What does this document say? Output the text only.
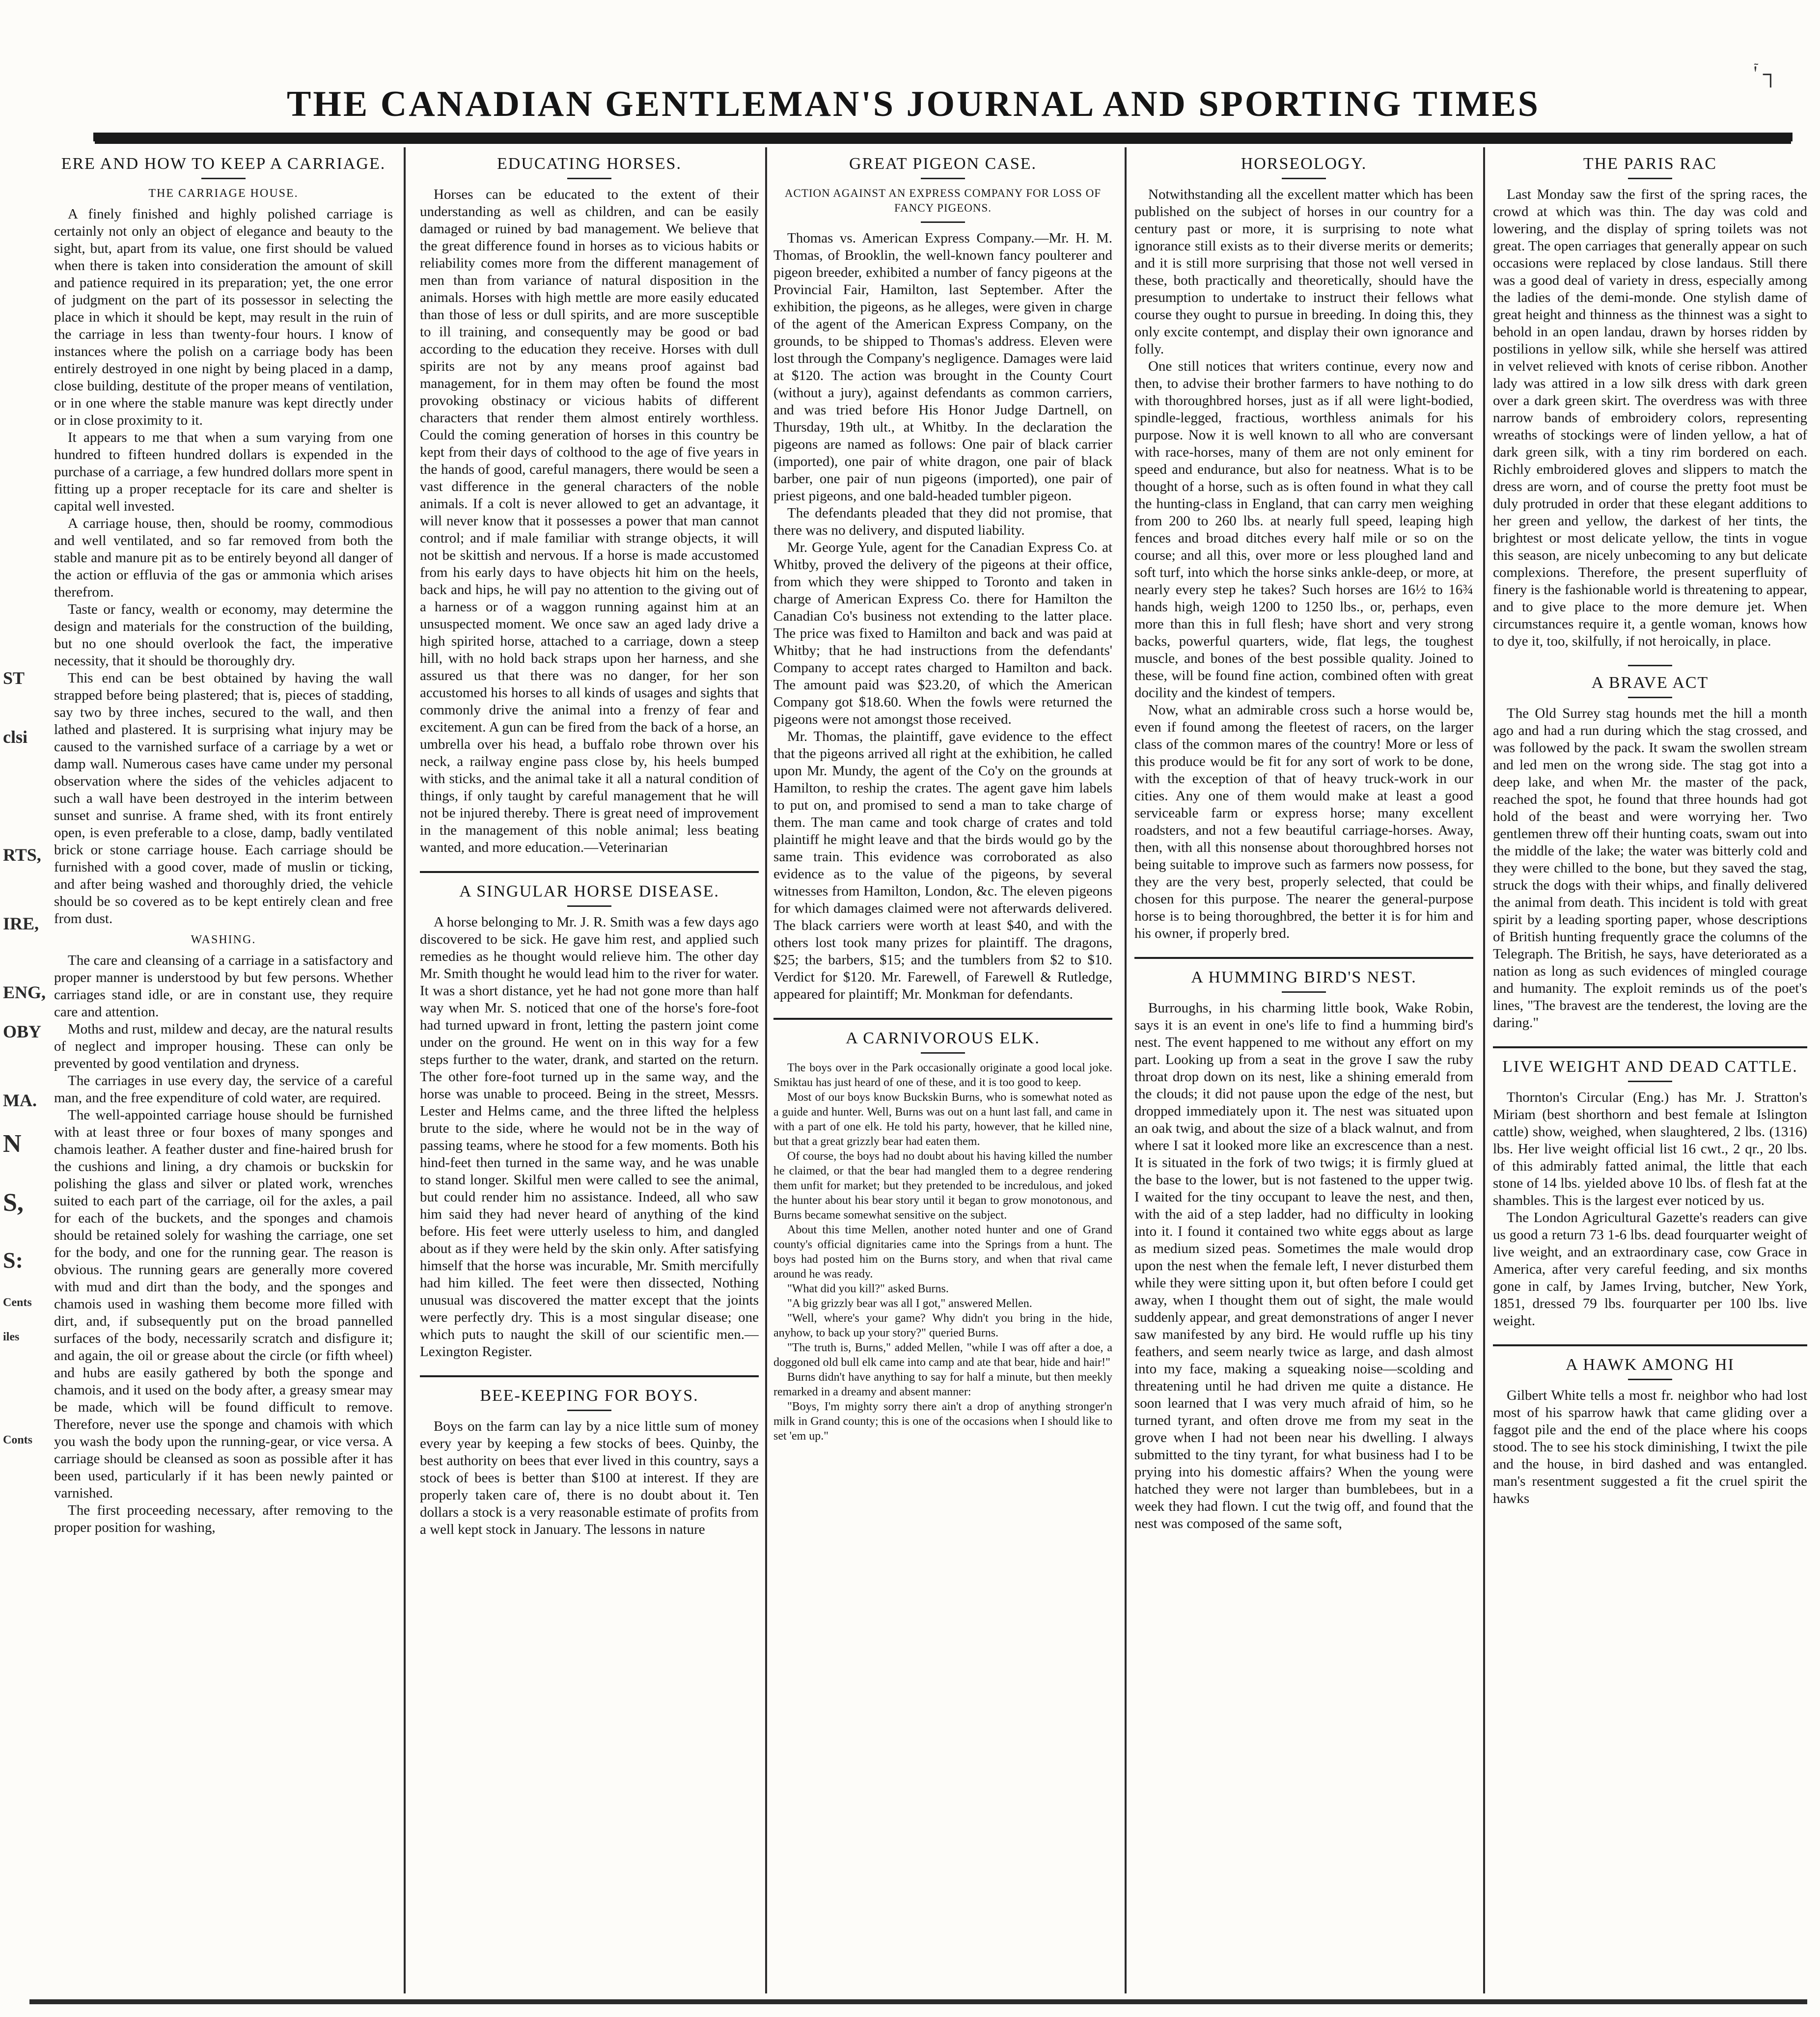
'ٙ ┐
THE CANADIAN GENTLEMAN'S JOURNAL AND SPORTING TIMES
ST
clsi
RTS,
IRE,
ENG,
OBY
MA.
N
S,
S:
Cents
iles
Conts
ERE AND HOW TO KEEP A CARRIAGE.
THE CARRIAGE HOUSE.

A finely finished and highly polished carriage is certainly not only an object of elegance and beauty to the sight, but, apart from its value, one first should be valued when there is taken into consideration the amount of skill and patience required in its preparation; yet, the one error of judgment on the part of its possessor in selecting the place in which it should be kept, may result in the ruin of the carriage in less than twenty-four hours. I know of instances where the polish on a carriage body has been entirely destroyed in one night by being placed in a damp, close building, destitute of the proper means of ventilation, or in one where the stable manure was kept directly under or in close proximity to it.

It appears to me that when a sum varying from one hundred to fifteen hundred dollars is expended in the purchase of a carriage, a few hundred dollars more spent in fitting up a proper receptacle for its care and shelter is capital well invested.

A carriage house, then, should be roomy, commodious and well ventilated, and so far removed from both the stable and manure pit as to be entirely beyond all danger of the action or effluvia of the gas or ammonia which arises therefrom.

Taste or fancy, wealth or economy, may determine the design and materials for the construction of the building, but no one should overlook the fact, the imperative necessity, that it should be thoroughly dry.

This end can be best obtained by having the wall strapped before being plastered; that is, pieces of stadding, say two by three inches, secured to the wall, and then lathed and plastered. It is surprising what injury may be caused to the varnished surface of a carriage by a wet or damp wall. Numerous cases have came under my personal observation where the sides of the vehicles adjacent to such a wall have been destroyed in the interim between sunset and sunrise. A frame shed, with its front entirely open, is even preferable to a close, damp, badly ventilated brick or stone carriage house. Each carriage should be furnished with a good cover, made of muslin or ticking, and after being washed and thoroughly dried, the vehicle should be so covered as to be kept entirely clean and free from dust.

WASHING.

The care and cleansing of a carriage in a satisfactory and proper manner is understood by but few persons. Whether carriages stand idle, or are in constant use, they require care and attention.

Moths and rust, mildew and decay, are the natural results of neglect and improper housing. These can only be prevented by good ventilation and dryness.

The carriages in use every day, the service of a careful man, and the free expenditure of cold water, are required.

The well-appointed carriage house should be furnished with at least three or four boxes of many sponges and chamois leather. A feather duster and fine-haired brush for the cushions and lining, a dry chamois or buckskin for polishing the glass and silver or plated work, wrenches suited to each part of the carriage, oil for the axles, a pail for each of the buckets, and the sponges and chamois should be retained solely for washing the carriage, one set for the body, and one for the running gear. The reason is obvious. The running gears are generally more covered with mud and dirt than the body, and the sponges and chamois used in washing them become more filled with dirt, and, if subsequently put on the broad pannelled surfaces of the body, necessarily scratch and disfigure it; and again, the oil or grease about the circle (or fifth wheel) and hubs are easily gathered by both the sponge and chamois, and it used on the body after, a greasy smear may be made, which will be found difficult to remove. Therefore, never use the sponge and chamois with which you wash the body upon the running-gear, or vice versa. A carriage should be cleansed as soon as possible after it has been used, particularly if it has been newly painted or varnished.

The first proceeding necessary, after removing to the proper position for washing,

EDUCATING HORSES.

Horses can be educated to the extent of their understanding as well as children, and can be easily damaged or ruined by bad management. We believe that the great difference found in horses as to vicious habits or reliability comes more from the different management of men than from variance of natural disposition in the animals. Horses with high mettle are more easily educated than those of less or dull spirits, and are more susceptible to ill training, and consequently may be good or bad according to the education they receive. Horses with dull spirits are not by any means proof against bad management, for in them may often be found the most provoking obstinacy or vicious habits of different characters that render them almost entirely worthless. Could the coming generation of horses in this country be kept from their days of colthood to the age of five years in the hands of good, careful managers, there would be seen a vast difference in the general characters of the noble animals. If a colt is never allowed to get an advantage, it will never know that it possesses a power that man cannot control; and if male familiar with strange objects, it will not be skittish and nervous. If a horse is made accustomed from his early days to have objects hit him on the heels, back and hips, he will pay no attention to the giving out of a harness or of a waggon running against him at an unsuspected moment. We once saw an aged lady drive a high spirited horse, attached to a carriage, down a steep hill, with no hold back straps upon her harness, and she assured us that there was no danger, for her son accustomed his horses to all kinds of usages and sights that commonly drive the animal into a frenzy of fear and excitement. A gun can be fired from the back of a horse, an umbrella over his head, a buffalo robe thrown over his neck, a railway engine pass close by, his heels bumped with sticks, and the animal take it all a natural condition of things, if only taught by careful management that he will not be injured thereby. There is great need of improvement in the management of this noble animal; less beating wanted, and more education.—Veterinarian

A SINGULAR HORSE DISEASE.

A horse belonging to Mr. J. R. Smith was a few days ago discovered to be sick. He gave him rest, and applied such remedies as he thought would relieve him. The other day Mr. Smith thought he would lead him to the river for water. It was a short distance, yet he had not gone more than half way when Mr. S. noticed that one of the horse's fore-foot had turned upward in front, letting the pastern joint come under on the ground. He went on in this way for a few steps further to the water, drank, and started on the return. The other fore-foot turned up in the same way, and the horse was unable to proceed. Being in the street, Messrs. Lester and Helms came, and the three lifted the helpless brute to the side, where he would not be in the way of passing teams, where he stood for a few moments. Both his hind-feet then turned in the same way, and he was unable to stand longer. Skilful men were called to see the animal, but could render him no assistance. Indeed, all who saw him said they had never heard of anything of the kind before. His feet were utterly useless to him, and dangled about as if they were held by the skin only. After satisfying himself that the horse was incurable, Mr. Smith mercifully had him killed. The feet were then dissected, Nothing unusual was discovered the matter except that the joints were perfectly dry. This is a most singular disease; one which puts to naught the skill of our scientific men.—Lexington Register.

BEE-KEEPING FOR BOYS.

Boys on the farm can lay by a nice little sum of money every year by keeping a few stocks of bees. Quinby, the best authority on bees that ever lived in this country, says a stock of bees is better than $100 at interest. If they are properly taken care of, there is no doubt about it. Ten dollars a stock is a very reasonable estimate of profits from a well kept stock in January. The lessons in nature

GREAT PIGEON CASE.
ACTION AGAINST AN EXPRESS COMPANY FOR LOSS OF FANCY PIGEONS.

Thomas vs. American Express Company.—Mr. H. M. Thomas, of Brooklin, the well-known fancy poulterer and pigeon breeder, exhibited a number of fancy pigeons at the Provincial Fair, Hamilton, last September. After the exhibition, the pigeons, as he alleges, were given in charge of the agent of the American Express Company, on the grounds, to be shipped to Thomas's address. Eleven were lost through the Company's negligence. Damages were laid at $120. The action was brought in the County Court (without a jury), against defendants as common carriers, and was tried before His Honor Judge Dartnell, on Thursday, 19th ult., at Whitby. In the declaration the pigeons are named as follows: One pair of black carrier (imported), one pair of white dragon, one pair of black barber, one pair of nun pigeons (imported), one pair of priest pigeons, and one bald-headed tumbler pigeon.

The defendants pleaded that they did not promise, that there was no delivery, and disputed liability.

Mr. George Yule, agent for the Canadian Express Co. at Whitby, proved the delivery of the pigeons at their office, from which they were shipped to Toronto and taken in charge of American Express Co. there for Hamilton the Canadian Co's business not extending to the latter place. The price was fixed to Hamilton and back and was paid at Whitby; that he had instructions from the defendants' Company to accept rates charged to Hamilton and back. The amount paid was $23.20, of which the American Company got $18.60. When the fowls were returned the pigeons were not amongst those received.

Mr. Thomas, the plaintiff, gave evidence to the effect that the pigeons arrived all right at the exhibition, he called upon Mr. Mundy, the agent of the Co'y on the grounds at Hamilton, to reship the crates. The agent gave him labels to put on, and promised to send a man to take charge of them. The man came and took charge of crates and told plaintiff he might leave and that the birds would go by the same train. This evidence was corroborated as also evidence as to the value of the pigeons, by several witnesses from Hamilton, London, &c. The eleven pigeons for which damages claimed were not afterwards delivered. The black carriers were worth at least $40, and with the others lost took many prizes for plaintiff. The dragons, $25; the barbers, $15; and the tumblers from $2 to $10. Verdict for $120. Mr. Farewell, of Farewell & Rutledge, appeared for plaintiff; Mr. Monkman for defendants.

A CARNIVOROUS ELK.

The boys over in the Park occasionally originate a good local joke. Smiktau has just heard of one of these, and it is too good to keep.

Most of our boys know Buckskin Burns, who is somewhat noted as a guide and hunter. Well, Burns was out on a hunt last fall, and came in with a part of one elk. He told his party, however, that he killed nine, but that a great grizzly bear had eaten them.

Of course, the boys had no doubt about his having killed the number he claimed, or that the bear had mangled them to a degree rendering them unfit for market; but they pretended to be incredulous, and joked the hunter about his bear story until it began to grow monotonous, and Burns became somewhat sensitive on the subject.

About this time Mellen, another noted hunter and one of Grand county's official dignitaries came into the Springs from a hunt. The boys had posted him on the Burns story, and when that rival came around he was ready.

"What did you kill?" asked Burns.

"A big grizzly bear was all I got," answered Mellen.

"Well, where's your game? Why didn't you bring in the hide, anyhow, to back up your story?" queried Burns.

"The truth is, Burns," added Mellen, "while I was off after a doe, a doggoned old bull elk came into camp and ate that bear, hide and hair!"

Burns didn't have anything to say for half a minute, but then meekly remarked in a dreamy and absent manner:

"Boys, I'm mighty sorry there ain't a drop of anything stronger'n milk in Grand county; this is one of the occasions when I should like to set 'em up."

HORSEOLOGY.

Notwithstanding all the excellent matter which has been published on the subject of horses in our country for a century past or more, it is surprising to note what ignorance still exists as to their diverse merits or demerits; and it is still more surprising that those not well versed in these, both practically and theoretically, should have the presumption to undertake to instruct their fellows what course they ought to pursue in breeding. In doing this, they only excite contempt, and display their own ignorance and folly.

One still notices that writers continue, every now and then, to advise their brother farmers to have nothing to do with thoroughbred horses, just as if all were light-bodied, spindle-legged, fractious, worthless animals for his purpose. Now it is well known to all who are conversant with race-horses, many of them are not only eminent for speed and endurance, but also for neatness. What is to be thought of a horse, such as is often found in what they call the hunting-class in England, that can carry men weighing from 200 to 260 lbs. at nearly full speed, leaping high fences and broad ditches every half mile or so on the course; and all this, over more or less ploughed land and soft turf, into which the horse sinks ankle-deep, or more, at nearly every step he takes? Such horses are 16½ to 16¾ hands high, weigh 1200 to 1250 lbs., or, perhaps, even more than this in full flesh; have short and very strong backs, powerful quarters, wide, flat legs, the toughest muscle, and bones of the best possible quality. Joined to these, will be found fine action, combined often with great docility and the kindest of tempers.

Now, what an admirable cross such a horse would be, even if found among the fleetest of racers, on the larger class of the common mares of the country! More or less of this produce would be fit for any sort of work to be done, with the exception of that of heavy truck-work in our cities. Any one of them would make at least a good serviceable farm or express horse; many excellent roadsters, and not a few beautiful carriage-horses. Away, then, with all this nonsense about thoroughbred horses not being suitable to improve such as farmers now possess, for they are the very best, properly selected, that could be chosen for this purpose. The nearer the general-purpose horse is to being thoroughbred, the better it is for him and his owner, if properly bred.

A HUMMING BIRD'S NEST.

Burroughs, in his charming little book, Wake Robin, says it is an event in one's life to find a humming bird's nest. The event happened to me without any effort on my part. Looking up from a seat in the grove I saw the ruby throat drop down on its nest, like a shining emerald from the clouds; it did not pause upon the edge of the nest, but dropped immediately upon it. The nest was situated upon an oak twig, and about the size of a black walnut, and from where I sat it looked more like an excrescence than a nest. It is situated in the fork of two twigs; it is firmly glued at the base to the lower, but is not fastened to the upper twig. I waited for the tiny occupant to leave the nest, and then, with the aid of a step ladder, had no difficulty in looking into it. I found it contained two white eggs about as large as medium sized peas. Sometimes the male would drop upon the nest when the female left, I never disturbed them while they were sitting upon it, but often before I could get away, when I thought them out of sight, the male would suddenly appear, and great demonstrations of anger I never saw manifested by any bird. He would ruffle up his tiny feathers, and seem nearly twice as large, and dash almost into my face, making a squeaking noise—scolding and threatening until he had driven me quite a distance. He soon learned that I was very much afraid of him, so he turned tyrant, and often drove me from my seat in the grove when I had not been near his dwelling. I always submitted to the tiny tyrant, for what business had I to be prying into his domestic affairs? When the young were hatched they were not larger than bumblebees, but in a week they had flown. I cut the twig off, and found that the nest was composed of the same soft,

THE PARIS RAC

Last Monday saw the first of the spring races, the crowd at which was thin. The day was cold and lowering, and the display of spring toilets was not great. The open carriages that generally appear on such occasions were replaced by close landaus. Still there was a good deal of variety in dress, especially among the ladies of the demi-monde. One stylish dame of great height and thinness as the thinnest was a sight to behold in an open landau, drawn by horses ridden by postilions in yellow silk, while she herself was attired in velvet relieved with knots of cerise ribbon. Another lady was attired in a low silk dress with dark green over a dark green skirt. The overdress was with three narrow bands of embroidery colors, representing wreaths of stockings were of linden yellow, a hat of dark green silk, with a tiny rim bordered on each. Richly embroidered gloves and slippers to match the dress are worn, and of course the pretty foot must be duly protruded in order that these elegant additions to her green and yellow, the darkest of her tints, the brightest or most delicate yellow, the tints in vogue this season, are nicely unbecoming to any but delicate complexions. Therefore, the present superfluity of finery is the fashionable world is threatening to appear, and to give place to the more demure jet. When circumstances require it, a gentle woman, knows how to dye it, too, skilfully, if not heroically, in place.

A BRAVE ACT

The Old Surrey stag hounds met the hill a month ago and had a run during which the stag crossed, and was followed by the pack. It swam the swollen stream and led men on the wrong side. The stag got into a deep lake, and when Mr. the master of the pack, reached the spot, he found that three hounds had got hold of the beast and were worrying her. Two gentlemen threw off their hunting coats, swam out into the middle of the lake; the water was bitterly cold and they were chilled to the bone, but they saved the stag, struck the dogs with their whips, and finally delivered the animal from death. This incident is told with great spirit by a leading sporting paper, whose descriptions of British hunting frequently grace the columns of the Telegraph. The British, he says, have deteriorated as a nation as long as such evidences of mingled courage and humanity. The exploit reminds us of the poet's lines, "The bravest are the tenderest, the loving are the daring."

LIVE WEIGHT AND DEAD CATTLE.

Thornton's Circular (Eng.) has Mr. J. Stratton's Miriam (best shorthorn and best female at Islington cattle) show, weighed, when slaughtered, 2 lbs. (1316) lbs. Her live weight official list 16 cwt., 2 qr., 20 lbs. of this admirably fatted animal, the little that each stone of 14 lbs. yielded above 10 lbs. of flesh fat at the shambles. This is the largest ever noticed by us.

The London Agricultural Gazette's readers can give us good a return 73 1-6 lbs. dead fourquarter weight of live weight, and an extraordinary case, cow Grace in America, after very careful feeding, and six months gone in calf, by James Irving, butcher, New York, 1851, dressed 79 lbs. fourquarter per 100 lbs. live weight.

A HAWK AMONG HI

Gilbert White tells a most fr. neighbor who had lost most of his sparrow hawk that came gliding over a faggot pile and the end of the place where his coops stood. The to see his stock diminishing, I twixt the pile and the house, in bird dashed and was entangled. man's resentment suggested a fit the cruel spirit the hawks
